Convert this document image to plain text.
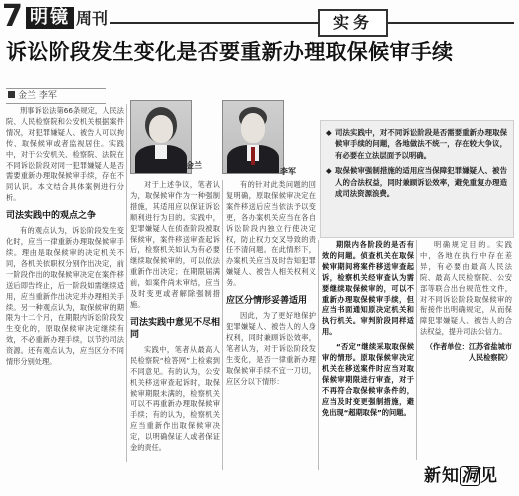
7 明镜 周刊	实务
诉讼阶段发生变化是否要重新办理取保候审手续
金兰 李军
金兰
李军

◆ 司法实践中，对不同诉讼阶段是否需要重新办理取保候审手续的问题，各地做法不统一，存在较大争议，有必要在立法层面予以明确。

◆ 取保候审强制措施的适用应当保障犯罪嫌疑人、被告人的合法权益，同时兼顾诉讼效率，避免重复办理造成司法资源浪费。

刑事诉讼法第66条规定，人民法院、人民检察院和公安机关根据案件情况，对犯罪嫌疑人、被告人可以拘传、取保候审或者监视居住。实践中，对于公安机关、检察院、法院在不同诉讼阶段对同一犯罪嫌疑人是否需要重新办理取保候审手续，存在不同认识。本文结合具体案例进行分析。

司法实践中的观点之争

有的观点认为，诉讼阶段发生变化时，应当一律重新办理取保候审手续。理由是取保候审的决定机关不同，各机关依职权分别作出决定，前一阶段作出的取保候审决定在案件移送后即告终止，后一阶段如需继续适用，应当重新作出决定并办理相关手续。另一种观点认为，取保候审的期限为十二个月，在期限内诉讼阶段发生变化的，原取保候审决定继续有效，不必重新办理手续，以节约司法资源。还有观点认为，应当区分不同情形分别处理。

对于上述争议，笔者认为，取保候审作为一种强制措施，其适用应以保证诉讼顺利进行为目的。实践中，犯罪嫌疑人在侦查阶段被取保候审，案件移送审查起诉后，检察机关如认为有必要继续取保候审的，可以依法重新作出决定；在期限届满前，如案件尚未审结，应当及时变更或者解除强制措施。

司法实践中意见不尽相同

实践中，笔者从最高人民检察院“检答网”上检索到不同意见。有的认为，公安机关移送审查起诉时，取保候审期限未满的，检察机关可以不再重新办理取保候审手续；有的认为，检察机关应当重新作出取保候审决定，以明确保证人或者保证金的责任。

有的针对此类问题的回复明确，原取保候审决定在案件移送后应当依法予以变更，各办案机关应当在各自诉讼阶段内独立行使决定权，防止权力交叉导致的责任不清问题。在此情形下，办案机关应当及时告知犯罪嫌疑人、被告人相关权利义务。

应区分情形妥善适用

因此，为了更好地保护犯罪嫌疑人、被告人的人身权利，同时兼顾诉讼效率，笔者认为，对于诉讼阶段发生变化，是否一律重新办理取保候审手续不宜一刀切，应区分以下情形：

期限内各阶段的是否有效的问题。侦查机关在取保候审期间将案件移送审查起诉，检察机关经审查认为需要继续取保候审的，可以不重新办理取保候审手续，但应当书面通知原决定机关和执行机关。审判阶段同样适用。

“否定”继续采取取保候审的情形。原取保候审决定机关在移送案件时应当对取保候审期限进行审查，对于不再符合取保候审条件的，应当及时变更强制措施，避免出现“超期取保”的问题。

明确规定目的。实践中，各地在执行中存在差异，有必要由最高人民法院、最高人民检察院、公安部等联合出台规范性文件，对不同诉讼阶段取保候审的衔接作出明确规定，从而保障犯罪嫌疑人、被告人的合法权益，提升司法公信力。

（作者单位：江苏省盐城市人民检察院）

新知洞见
